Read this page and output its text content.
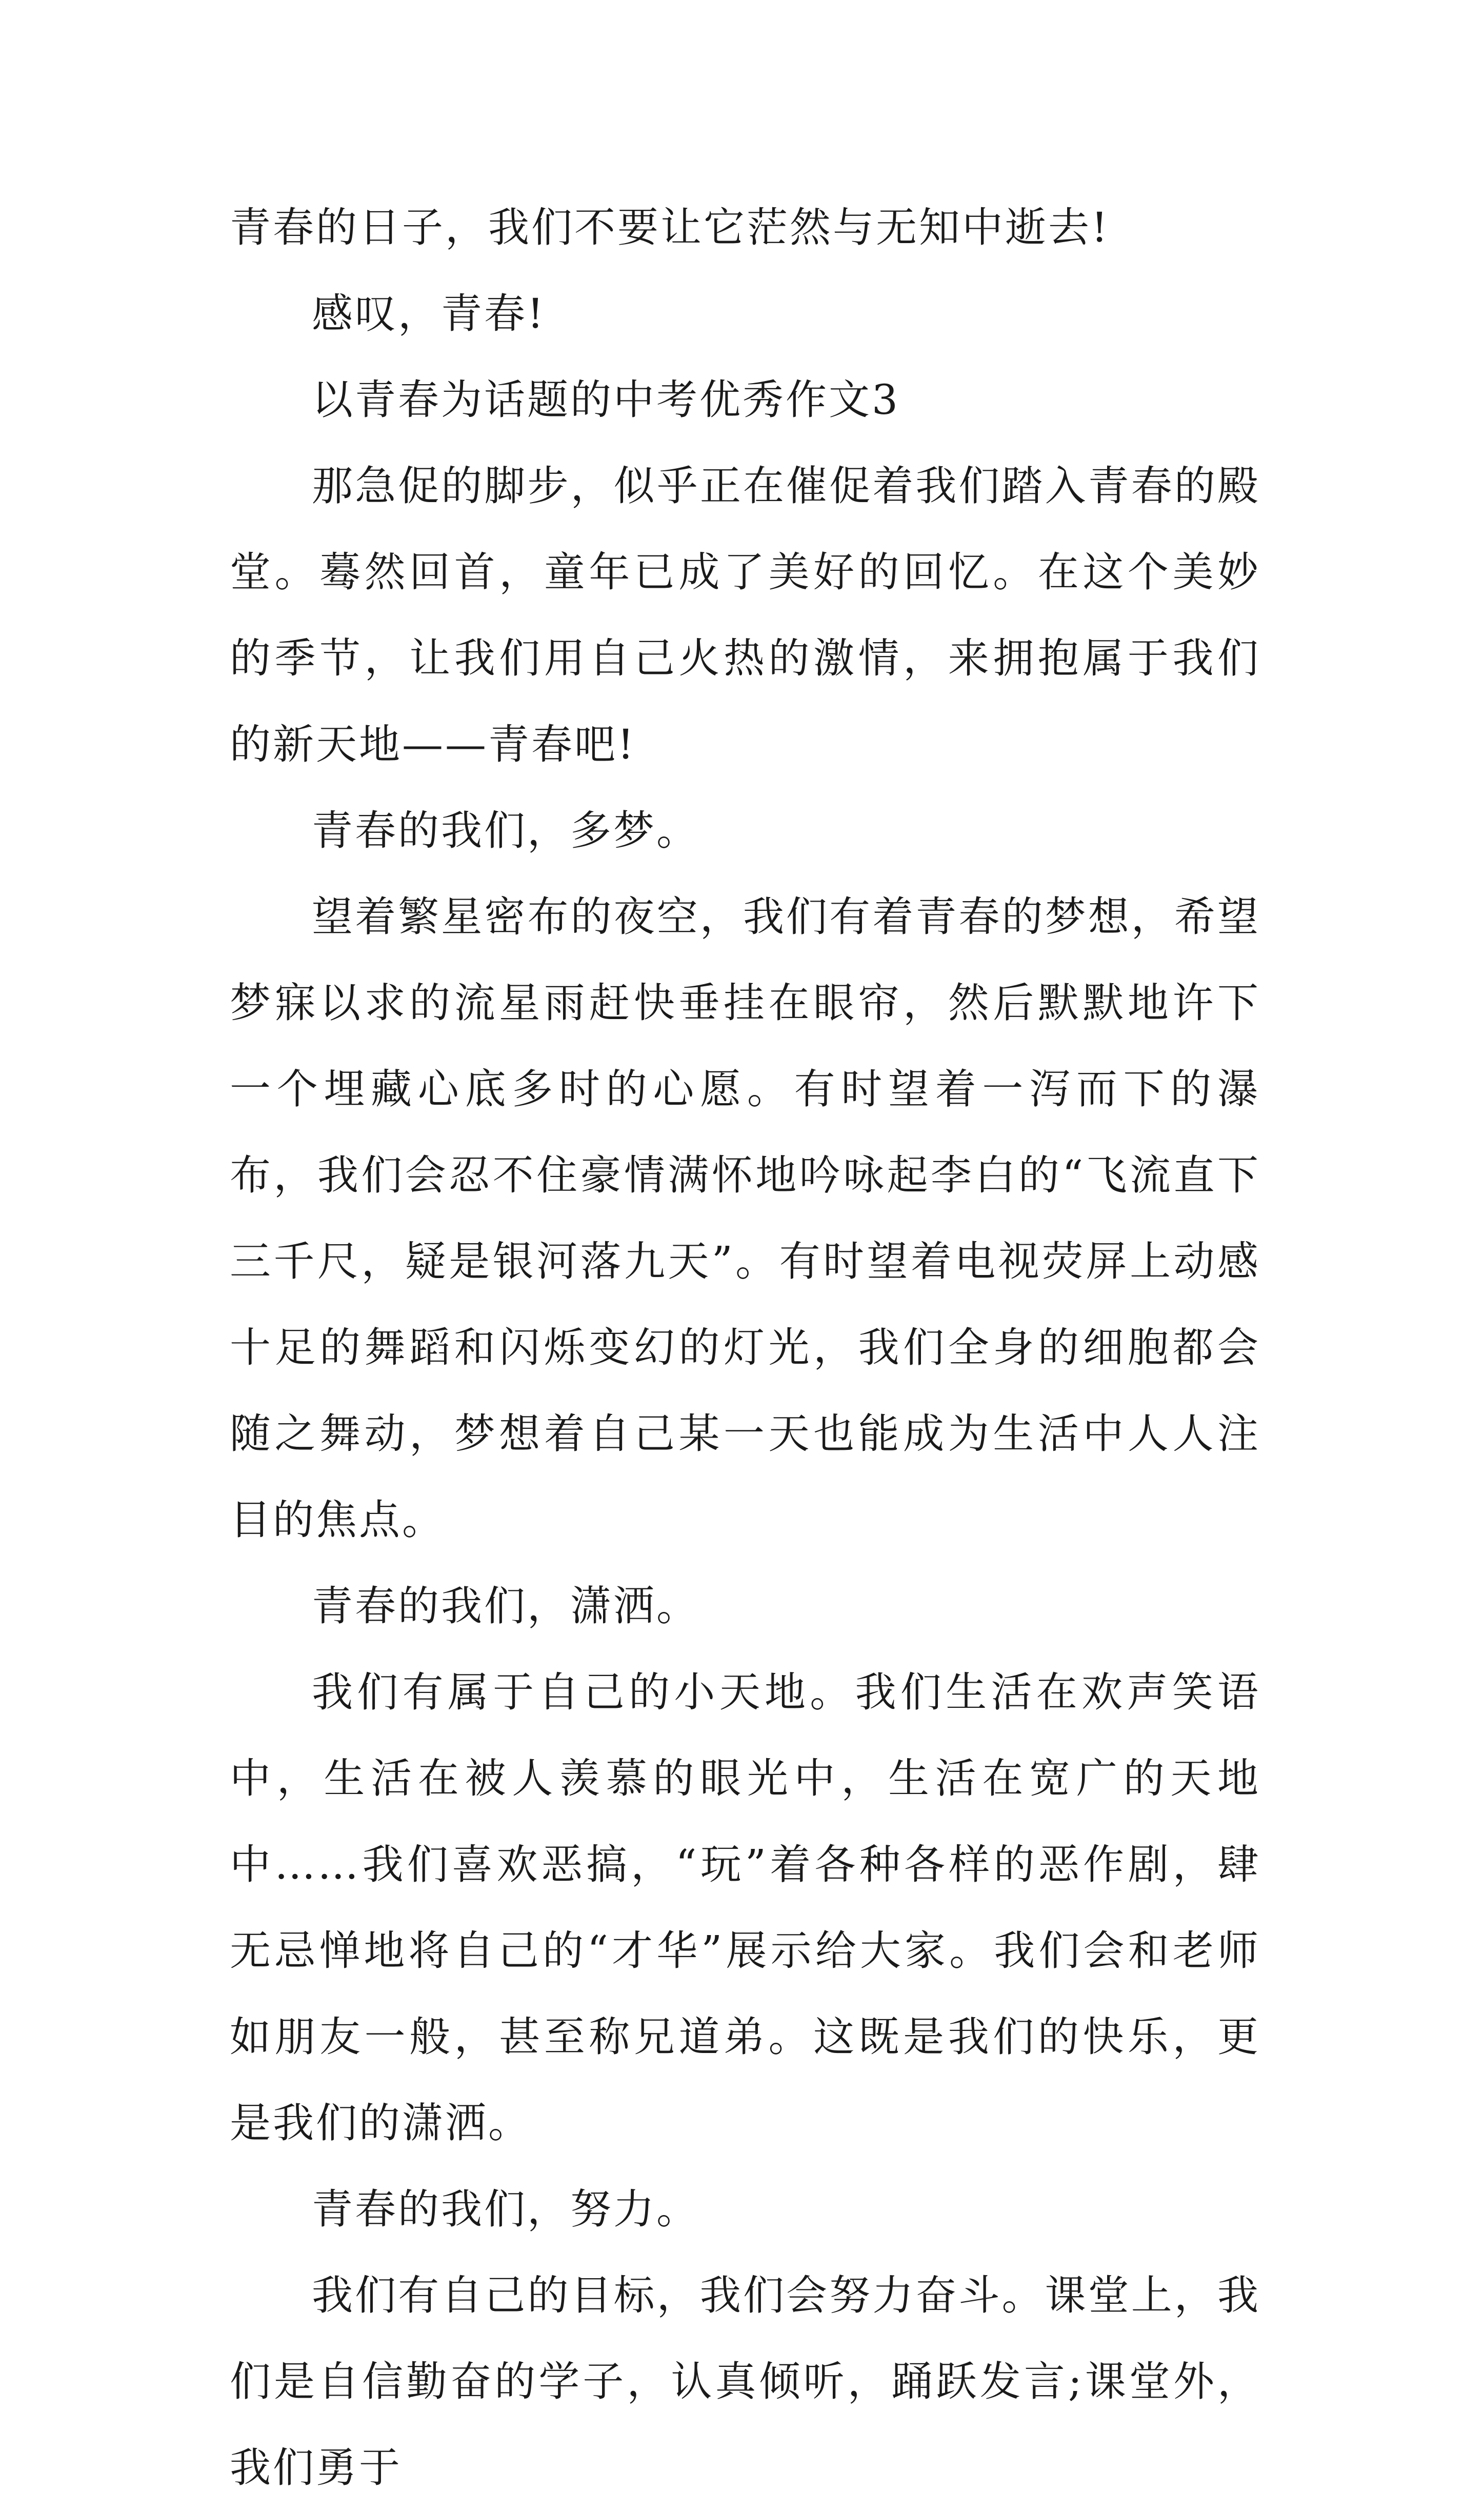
青春的日子，我们不要让它茫然与无知中逝去!

感叹，青春!

以青春为话题的中考优秀作文3

那急促的脚步，似乎正在催促着我们踏入青春的殿堂。蓦然回首，童年已成了美好的回忆。在这个美妙的季节，让我们用自己火热的激情，来拥抱属于我们的新天地——青春吧!

青春的我们，多梦。

望着繁星密布的夜空，我们有着青春的梦想，希望梦寐以求的流星雨赶快垂挂在眼帘，然后默默地许下一个埋藏心底多时的心愿。有时望着一泻而下的瀑布，我们会忍不住豪情满怀地吟咏起李白的“飞流直下三千尺，疑是银河落九天”。有时望着电视荧屏上动感十足的舞蹈和闪烁变幻的灯光，我们全身的细胞都会随之舞动，梦想着自己某一天也能成为生活中人人注目的焦点。

青春的我们，潇洒。

我们有属于自己的小天地。我们生活在欢声笑语中，生活在被人羡慕的眼光中，生活在宽广的天地中……我们喜欢恶搞，“玩”着各种各样的恶作剧，肆无忌惮地将自己的“才华”展示给大家。我们会和老师如朋友一般，甚至称兄道弟。这既是我们的快乐，更是我们的潇洒。

青春的我们，努力。

我们有自己的目标，我们会努力奋斗。课堂上，我们是自信勤奋的学子，认真倾听，踊跃发言;课堂外，我们勇于
